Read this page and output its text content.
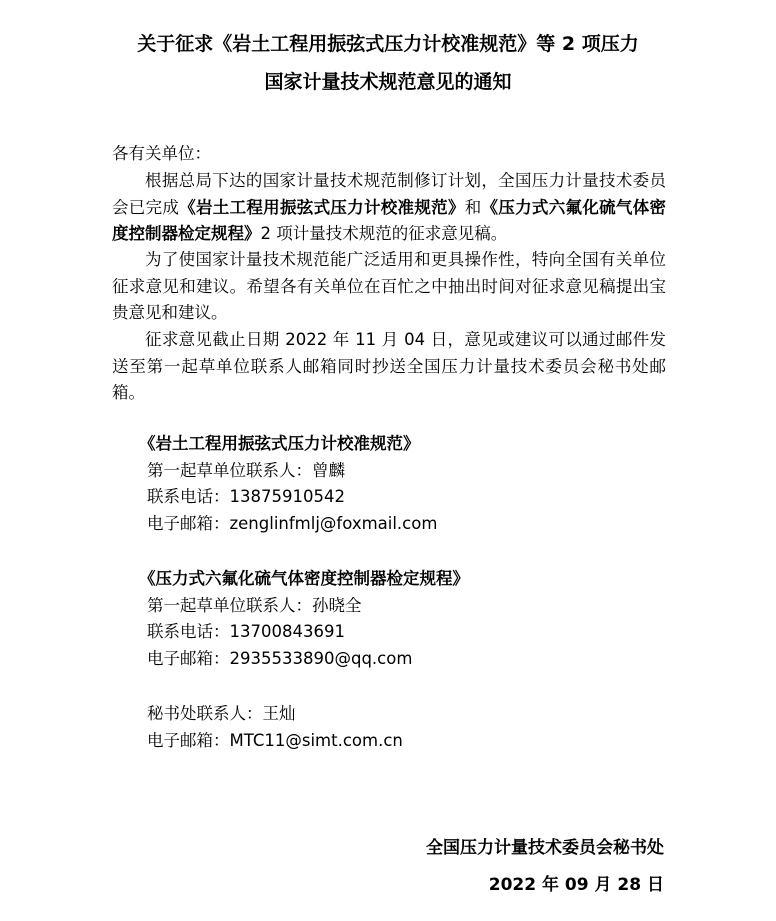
关于征求《岩土工程用振弦式压力计校准规范》等 2 项压力
国家计量技术规范意见的通知
各有关单位：
根据总局下达的国家计量技术规范制修订计划，全国压力计量技术委员会已完成《岩土工程用振弦式压力计校准规范》和《压力式六氟化硫气体密度控制器检定规程》2 项计量技术规范的征求意见稿。
为了使国家计量技术规范能广泛适用和更具操作性，特向全国有关单位征求意见和建议。希望各有关单位在百忙之中抽出时间对征求意见稿提出宝贵意见和建议。
征求意见截止日期 2022 年 11 月 04 日，意见或建议可以通过邮件发送至第一起草单位联系人邮箱同时抄送全国压力计量技术委员会秘书处邮箱。
《岩土工程用振弦式压力计校准规范》
第一起草单位联系人：曾麟
联系电话：13875910542
电子邮箱：zenglinfmlj@foxmail.com
《压力式六氟化硫气体密度控制器检定规程》
第一起草单位联系人：孙晓全
联系电话：13700843691
电子邮箱：2935533890@qq.com
秘书处联系人：王灿
电子邮箱：MTC11@simt.com.cn
全国压力计量技术委员会秘书处
2022 年 09 月 28 日
